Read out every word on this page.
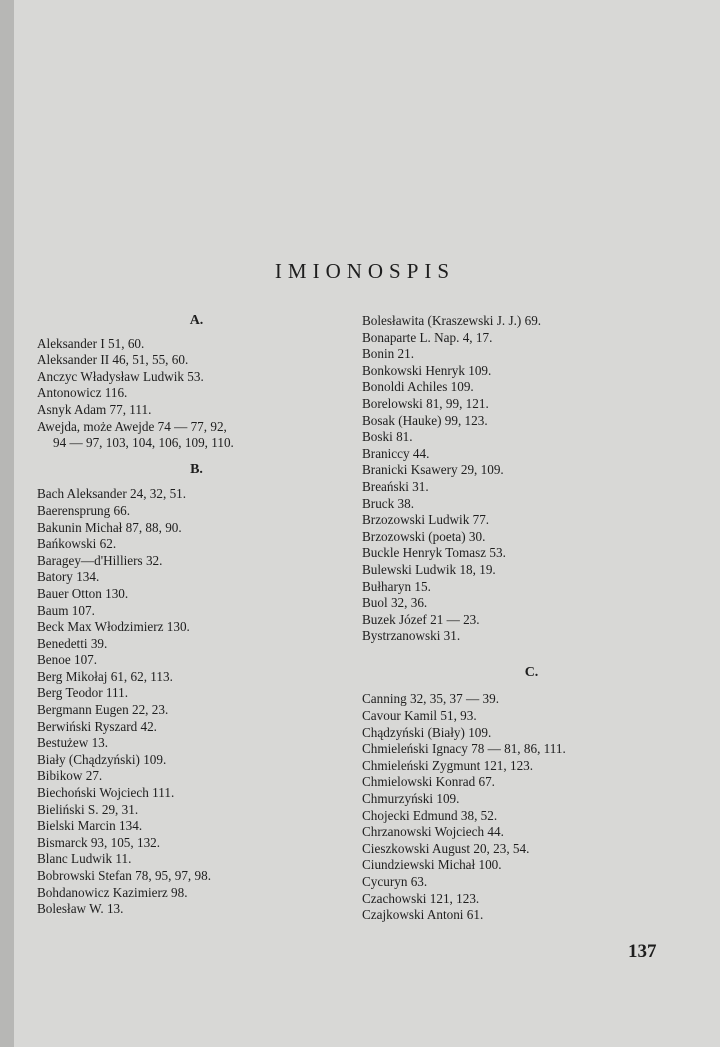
IMIONOSPIS
A.
Aleksander I 51, 60.
Aleksander II 46, 51, 55, 60.
Anczyc Władysław Ludwik 53.
Antonowicz 116.
Asnyk Adam 77, 111.
Awejda, może Awejde 74 — 77, 92,
94 — 97, 103, 104, 106, 109, 110.
B.
Bach Aleksander 24, 32, 51.
Baerensprung 66.
Bakunin Michał 87, 88, 90.
Bańkowski 62.
Baragey—d'Hilliers 32.
Batory 134.
Bauer Otton 130.
Baum 107.
Beck Max Włodzimierz 130.
Benedetti 39.
Benoe 107.
Berg Mikołaj 61, 62, 113.
Berg Teodor 111.
Bergmann Eugen 22, 23.
Berwiński Ryszard 42.
Bestużew 13.
Biały (Chądzyński) 109.
Bibikow 27.
Biechoński Wojciech 111.
Bieliński S. 29, 31.
Bielski Marcin 134.
Bismarck 93, 105, 132.
Blanc Ludwik 11.
Bobrowski Stefan 78, 95, 97, 98.
Bohdanowicz Kazimierz 98.
Bolesław W. 13.
Bolesławita (Kraszewski J. J.) 69.
Bonaparte L. Nap. 4, 17.
Bonin 21.
Bonkowski Henryk 109.
Bonoldi Achiles 109.
Borelowski 81, 99, 121.
Bosak (Hauke) 99, 123.
Boski 81.
Braniccy 44.
Branicki Ksawery 29, 109.
Breański 31.
Bruck 38.
Brzozowski Ludwik 77.
Brzozowski (poeta) 30.
Buckle Henryk Tomasz 53.
Bulewski Ludwik 18, 19.
Bułharyn 15.
Buol 32, 36.
Buzek Józef 21 — 23.
Bystrzanowski 31.
C.
Canning 32, 35, 37 — 39.
Cavour Kamil 51, 93.
Chądzyński (Biały) 109.
Chmieleński Ignacy 78 — 81, 86, 111.
Chmieleński Zygmunt 121, 123.
Chmielowski Konrad 67.
Chmurzyński 109.
Chojecki Edmund 38, 52.
Chrzanowski Wojciech 44.
Cieszkowski August 20, 23, 54.
Ciundziewski Michał 100.
Cycuryn 63.
Czachowski 121, 123.
Czajkowski Antoni 61.
137
